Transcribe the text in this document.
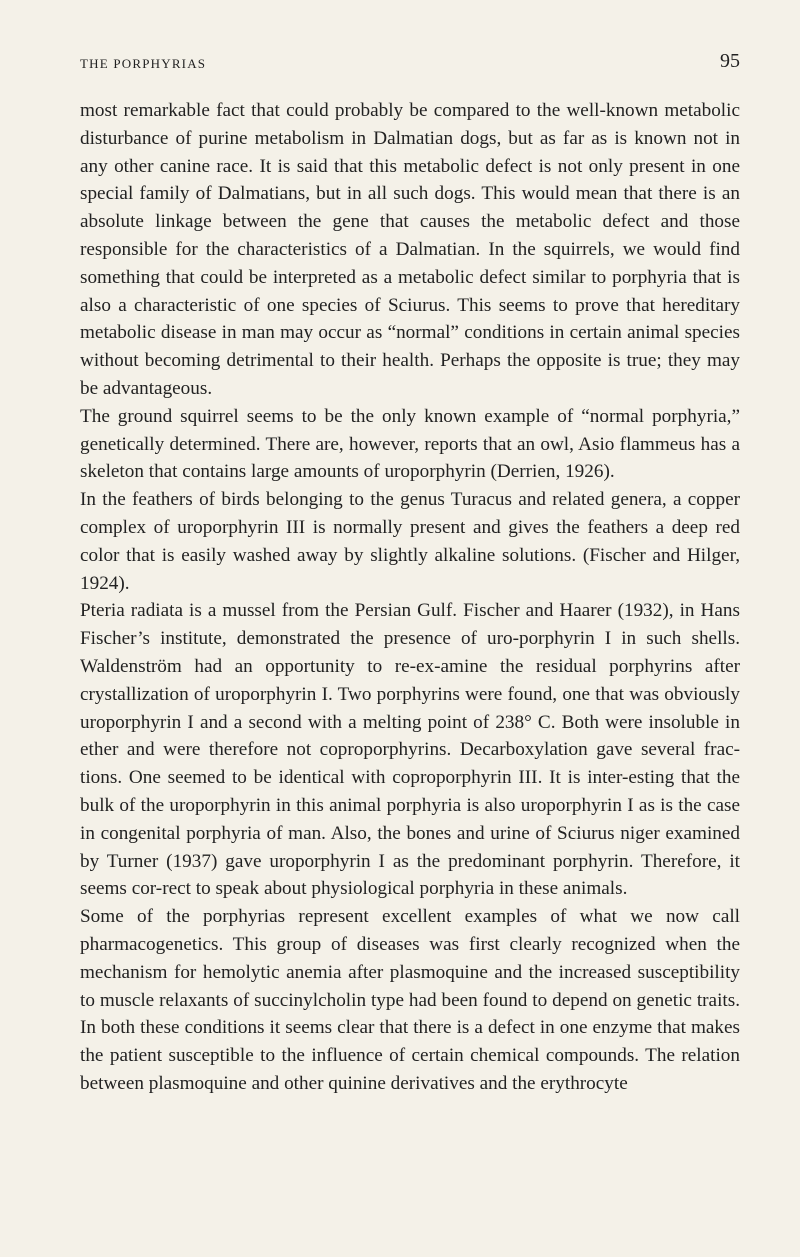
THE PORPHYRIAS	95

most remarkable fact that could probably be compared to the well-known metabolic disturbance of purine metabolism in Dalmatian dogs, but as far as is known not in any other canine race. It is said that this metabolic defect is not only present in one special family of Dalmatians, but in all such dogs. This would mean that there is an absolute linkage between the gene that causes the metabolic defect and those responsible for the characteristics of a Dalmatian. In the squirrels, we would find something that could be interpreted as a metabolic defect similar to porphyria that is also a characteristic of one species of Sciurus. This seems to prove that hereditary metabolic disease in man may occur as “normal” conditions in certain animal species without becoming detrimental to their health. Perhaps the opposite is true; they may be advantageous.

The ground squirrel seems to be the only known example of “normal porphyria,” genetically determined. There are, however, reports that an owl, Asio flammeus has a skeleton that contains large amounts of uroporphyrin (Derrien, 1926).

In the feathers of birds belonging to the genus Turacus and related genera, a copper complex of uroporphyrin III is normally present and gives the feathers a deep red color that is easily washed away by slightly alkaline solutions. (Fischer and Hilger, 1924).

Pteria radiata is a mussel from the Persian Gulf. Fischer and Haarer (1932), in Hans Fischer’s institute, demonstrated the presence of uro-porphyrin I in such shells. Waldenström had an opportunity to re-ex-amine the residual porphyrins after crystallization of uroporphyrin I. Two porphyrins were found, one that was obviously uroporphyrin I and a second with a melting point of 238° C. Both were insoluble in ether and were therefore not coproporphyrins. Decarboxylation gave several frac-tions. One seemed to be identical with coproporphyrin III. It is inter-esting that the bulk of the uroporphyrin in this animal porphyria is also uroporphyrin I as is the case in congenital porphyria of man. Also, the bones and urine of Sciurus niger examined by Turner (1937) gave uroporphyrin I as the predominant porphyrin. Therefore, it seems cor-rect to speak about physiological porphyria in these animals.

Some of the porphyrias represent excellent examples of what we now call pharmacogenetics. This group of diseases was first clearly recognized when the mechanism for hemolytic anemia after plasmoquine and the increased susceptibility to muscle relaxants of succinylcholin type had been found to depend on genetic traits. In both these conditions it seems clear that there is a defect in one enzyme that makes the patient susceptible to the influence of certain chemical compounds. The relation between plasmoquine and other quinine derivatives and the erythrocyte
